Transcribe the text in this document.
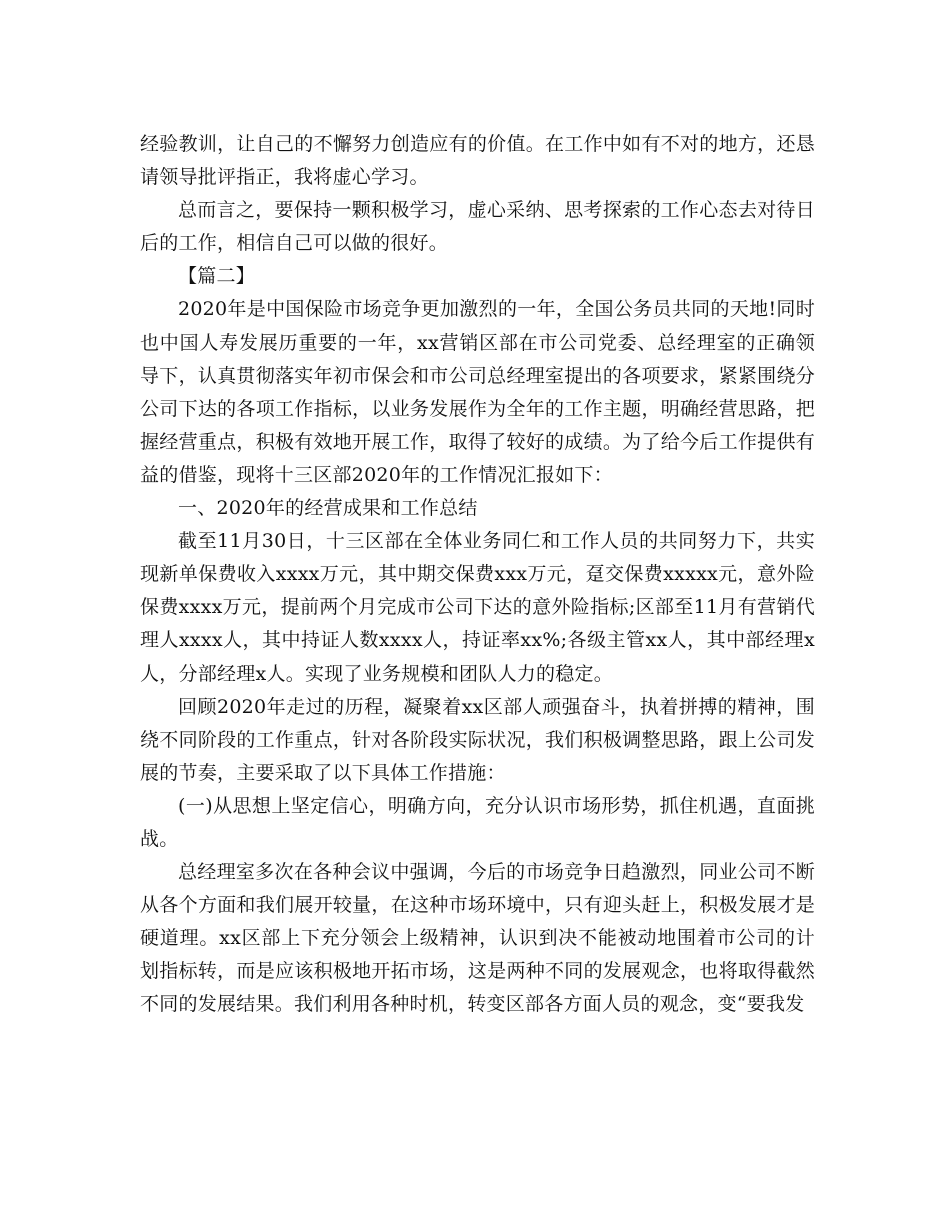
经验教训，让自己的不懈努力创造应有的价值。在工作中如有不对的地方，还恳请领导批评指正，我将虚心学习。

总而言之，要保持一颗积极学习，虚心采纳、思考探索的工作心态去对待日后的工作，相信自己可以做的很好。

【篇二】

2020年是中国保险市场竞争更加激烈的一年，全国公务员共同的天地!同时也中国人寿发展历重要的一年，xx营销区部在市公司党委、总经理室的正确领导下，认真贯彻落实年初市保会和市公司总经理室提出的各项要求，紧紧围绕分公司下达的各项工作指标，以业务发展作为全年的工作主题，明确经营思路，把握经营重点，积极有效地开展工作，取得了较好的成绩。为了给今后工作提供有益的借鉴，现将十三区部2020年的工作情况汇报如下：

一、2020年的经营成果和工作总结

截至11月30日，十三区部在全体业务同仁和工作人员的共同努力下，共实现新单保费收入xxxx万元，其中期交保费xxx万元，趸交保费xxxxx元，意外险保费xxxx万元，提前两个月完成市公司下达的意外险指标;区部至11月有营销代理人xxxx人，其中持证人数xxxx人，持证率xx%;各级主管xx人，其中部经理x人，分部经理x人。实现了业务规模和团队人力的稳定。

回顾2020年走过的历程，凝聚着xx区部人顽强奋斗，执着拼搏的精神，围绕不同阶段的工作重点，针对各阶段实际状况，我们积极调整思路，跟上公司发展的节奏，主要采取了以下具体工作措施：

(一)从思想上坚定信心，明确方向，充分认识市场形势，抓住机遇，直面挑战。

总经理室多次在各种会议中强调，今后的市场竞争日趋激烈，同业公司不断从各个方面和我们展开较量，在这种市场环境中，只有迎头赶上，积极发展才是硬道理。xx区部上下充分领会上级精神，认识到决不能被动地围着市公司的计划指标转，而是应该积极地开拓市场，这是两种不同的发展观念，也将取得截然不同的发展结果。我们利用各种时机，转变区部各方面人员的观念，变“要我发
